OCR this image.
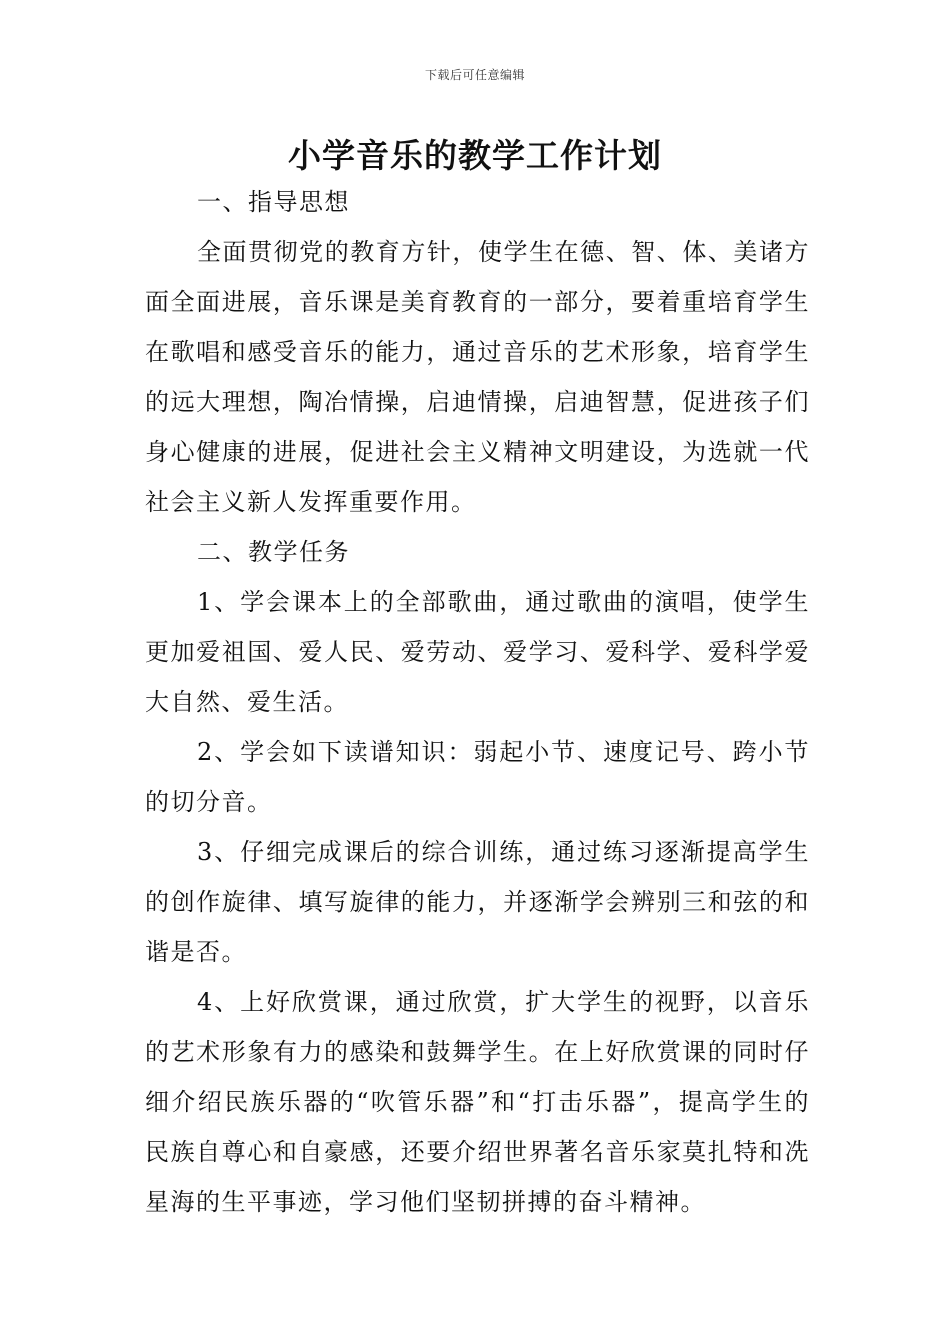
下载后可任意编辑
小学音乐的教学工作计划

一、指导思想

全面贯彻党的教育方针，使学生在德、智、体、美诸方面全面进展，音乐课是美育教育的一部分，要着重培育学生在歌唱和感受音乐的能力，通过音乐的艺术形象，培育学生的远大理想，陶冶情操，启迪情操，启迪智慧，促进孩子们身心健康的进展，促进社会主义精神文明建设，为选就一代社会主义新人发挥重要作用。

二、教学任务

1、学会课本上的全部歌曲，通过歌曲的演唱，使学生更加爱祖国、爱人民、爱劳动、爱学习、爱科学、爱科学爱大自然、爱生活。

2、学会如下读谱知识：弱起小节、速度记号、跨小节的切分音。

3、仔细完成课后的综合训练，通过练习逐渐提高学生的创作旋律、填写旋律的能力，并逐渐学会辨别三和弦的和谐是否。

4、上好欣赏课，通过欣赏，扩大学生的视野，以音乐的艺术形象有力的感染和鼓舞学生。在上好欣赏课的同时仔细介绍民族乐器的“吹管乐器”和“打击乐器”，提高学生的民族自尊心和自豪感，还要介绍世界著名音乐家莫扎特和冼星海的生平事迹，学习他们坚韧拼搏的奋斗精神。
